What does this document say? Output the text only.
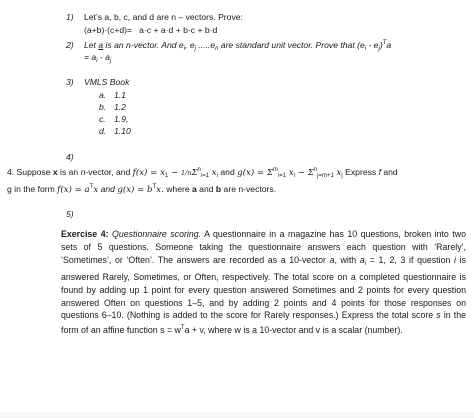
1) Let’s a, b, c, and d are n – vectors. Prove:
(a+b)·(c+d)= a·c + a·d + b·c + b·d
2) Let a is an n-vector. And $e_i$, $e_j$ $.....e_n$ are standard unit vector. Prove that $(e_i - e_j)^Ta$
= $a_i - a_j$
3) VMLS Book
a. 1.1
b. 1.2
c. 1.9,
d. 1.10
4)
4. Suppose x is an n-vector, and $f(x) = x_1 - 1/n\Sigma^n_{i=1}$ $x_i$ and $g(x) = \Sigma^m_{i=1}$ $x_i - \Sigma^n_{j=m+1}$ $x_j$ Express f and
g in the form $f(x) = a^Tx$ and $g(x) = b^Tx$. where a and b are n-vectors.
5)

Exercise 4: Questionnaire scoring. A questionnaire in a magazine has 10 questions, broken into two sets of 5 questions. Someone taking the questionnaire answers each question with ‘Rarely’, ‘Sometimes’, or ‘Often’. The answers are recorded as a 10-vector a, with $a_i = 1$, 2, 3 if question i is answered Rarely, Sometimes, or Often, respectively. The total score on a completed questionnaire is found by adding up 1 point for every question answered Sometimes and 2 points for every question answered Often on questions 1–5, and by adding 2 points and 4 points for those responses on questions 6–10. (Nothing is added to the score for Rarely responses.) Express the total score s in the form of an affine function $s = w^Ta + v$, where w is a 10-vector and v is a scalar (number).
